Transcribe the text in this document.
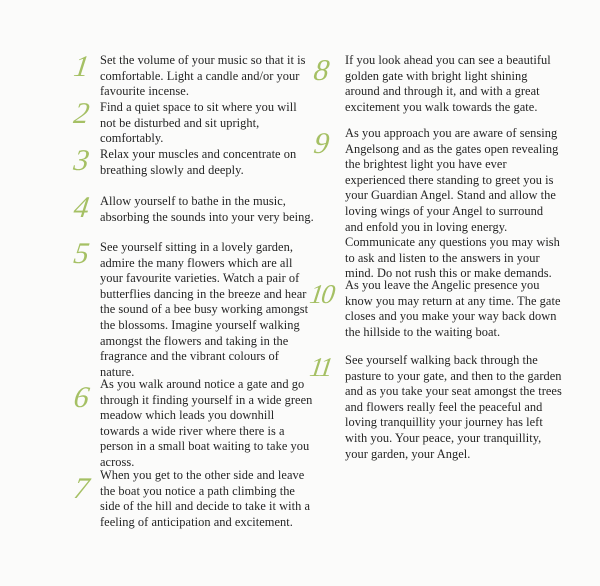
1 Set the volume of your music so that it is comfortable. Light a candle and/or your favourite incense.

2 Find a quiet space to sit where you will not be disturbed and sit upright, comfortably.

3 Relax your muscles and concentrate on breathing slowly and deeply.

4 Allow yourself to bathe in the music, absorbing the sounds into your very being.

5 See yourself sitting in a lovely garden, admire the many flowers which are all your favourite varieties. Watch a pair of butterflies dancing in the breeze and hear the sound of a bee busy working amongst the blossoms. Imagine yourself walking amongst the flowers and taking in the fragrance and the vibrant colours of nature.

6 As you walk around notice a gate and go through it finding yourself in a wide green meadow which leads you downhill towards a wide river where there is a person in a small boat waiting to take you across.

7 When you get to the other side and leave the boat you notice a path climbing the side of the hill and decide to take it with a feeling of anticipation and excitement.

8 If you look ahead you can see a beautiful golden gate with bright light shining around and through it, and with a great excitement you walk towards the gate.

9 As you approach you are aware of sensing Angelsong and as the gates open revealing the brightest light you have ever experienced there standing to greet you is your Guardian Angel. Stand and allow the loving wings of your Angel to surround and enfold you in loving energy. Communicate any questions you may wish to ask and listen to the answers in your mind. Do not rush this or make demands.

10 As you leave the Angelic presence you know you may return at any time. The gate closes and you make your way back down the hillside to the waiting boat.

11 See yourself walking back through the pasture to your gate, and then to the garden and as you take your seat amongst the trees and flowers really feel the peaceful and loving tranquillity your journey has left with you. Your peace, your tranquillity, your garden, your Angel.
